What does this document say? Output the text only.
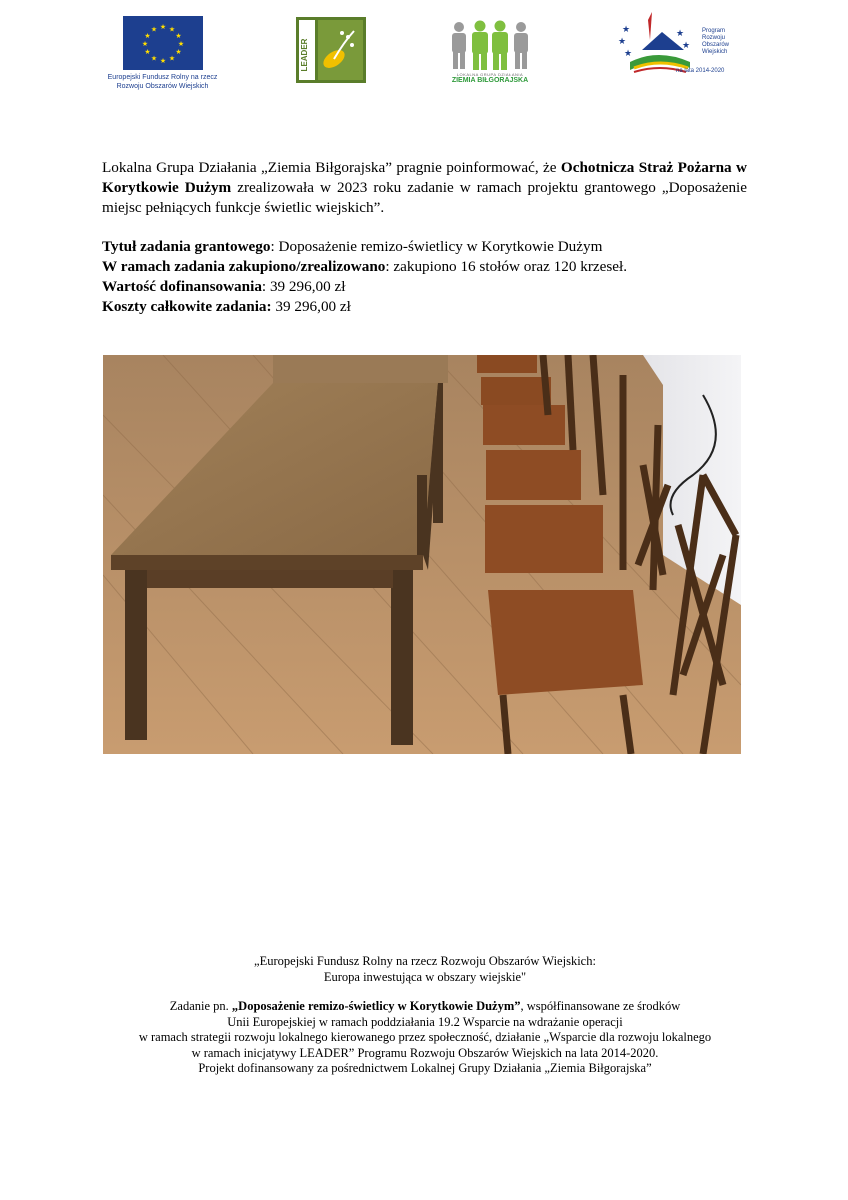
★ ★
★
★
★
★
★
★
★
★
★
★
Europejski Fundusz Rolny na rzecz
Rozwoju Obszarów Wiejskich
LEADER
LOKALNA GRUPA DZIAŁANIA
ZIEMIA BIŁGORAJSKA
★
★
★
★
★
Program
Rozwoju
Obszarów
Wiejskich
na lata 2014-2020
Lokalna Grupa Działania „Ziemia Biłgorajska” pragnie poinformować, że Ochotnicza Straż Pożarna w Korytkowie Dużym zrealizowała w 2023 roku zadanie w ramach projektu grantowego „Doposażenie miejsc pełniących funkcje świetlic wiejskich”.
Tytuł zadania grantowego: Doposażenie remizo-świetlicy w Korytkowie Dużym
W ramach zadania zakupiono/zrealizowano: zakupiono 16 stołów oraz 120 krzeseł.
Wartość dofinansowania: 39 296,00 zł
Koszty całkowite zadania: 39 296,00 zł

„Europejski Fundusz Rolny na rzecz Rozwoju Obszarów Wiejskich:

Europa inwestująca w obszary wiejskie"

Zadanie pn. „Doposażenie remizo-świetlicy w Korytkowie Dużym”, współfinansowane ze środków

Unii Europejskiej w ramach poddziałania 19.2 Wsparcie na wdrażanie operacji

w ramach strategii rozwoju lokalnego kierowanego przez społeczność, działanie „Wsparcie dla rozwoju lokalnego

w ramach inicjatywy LEADER” Programu Rozwoju Obszarów Wiejskich na lata 2014-2020.

Projekt dofinansowany za pośrednictwem Lokalnej Grupy Działania „Ziemia Biłgorajska”
